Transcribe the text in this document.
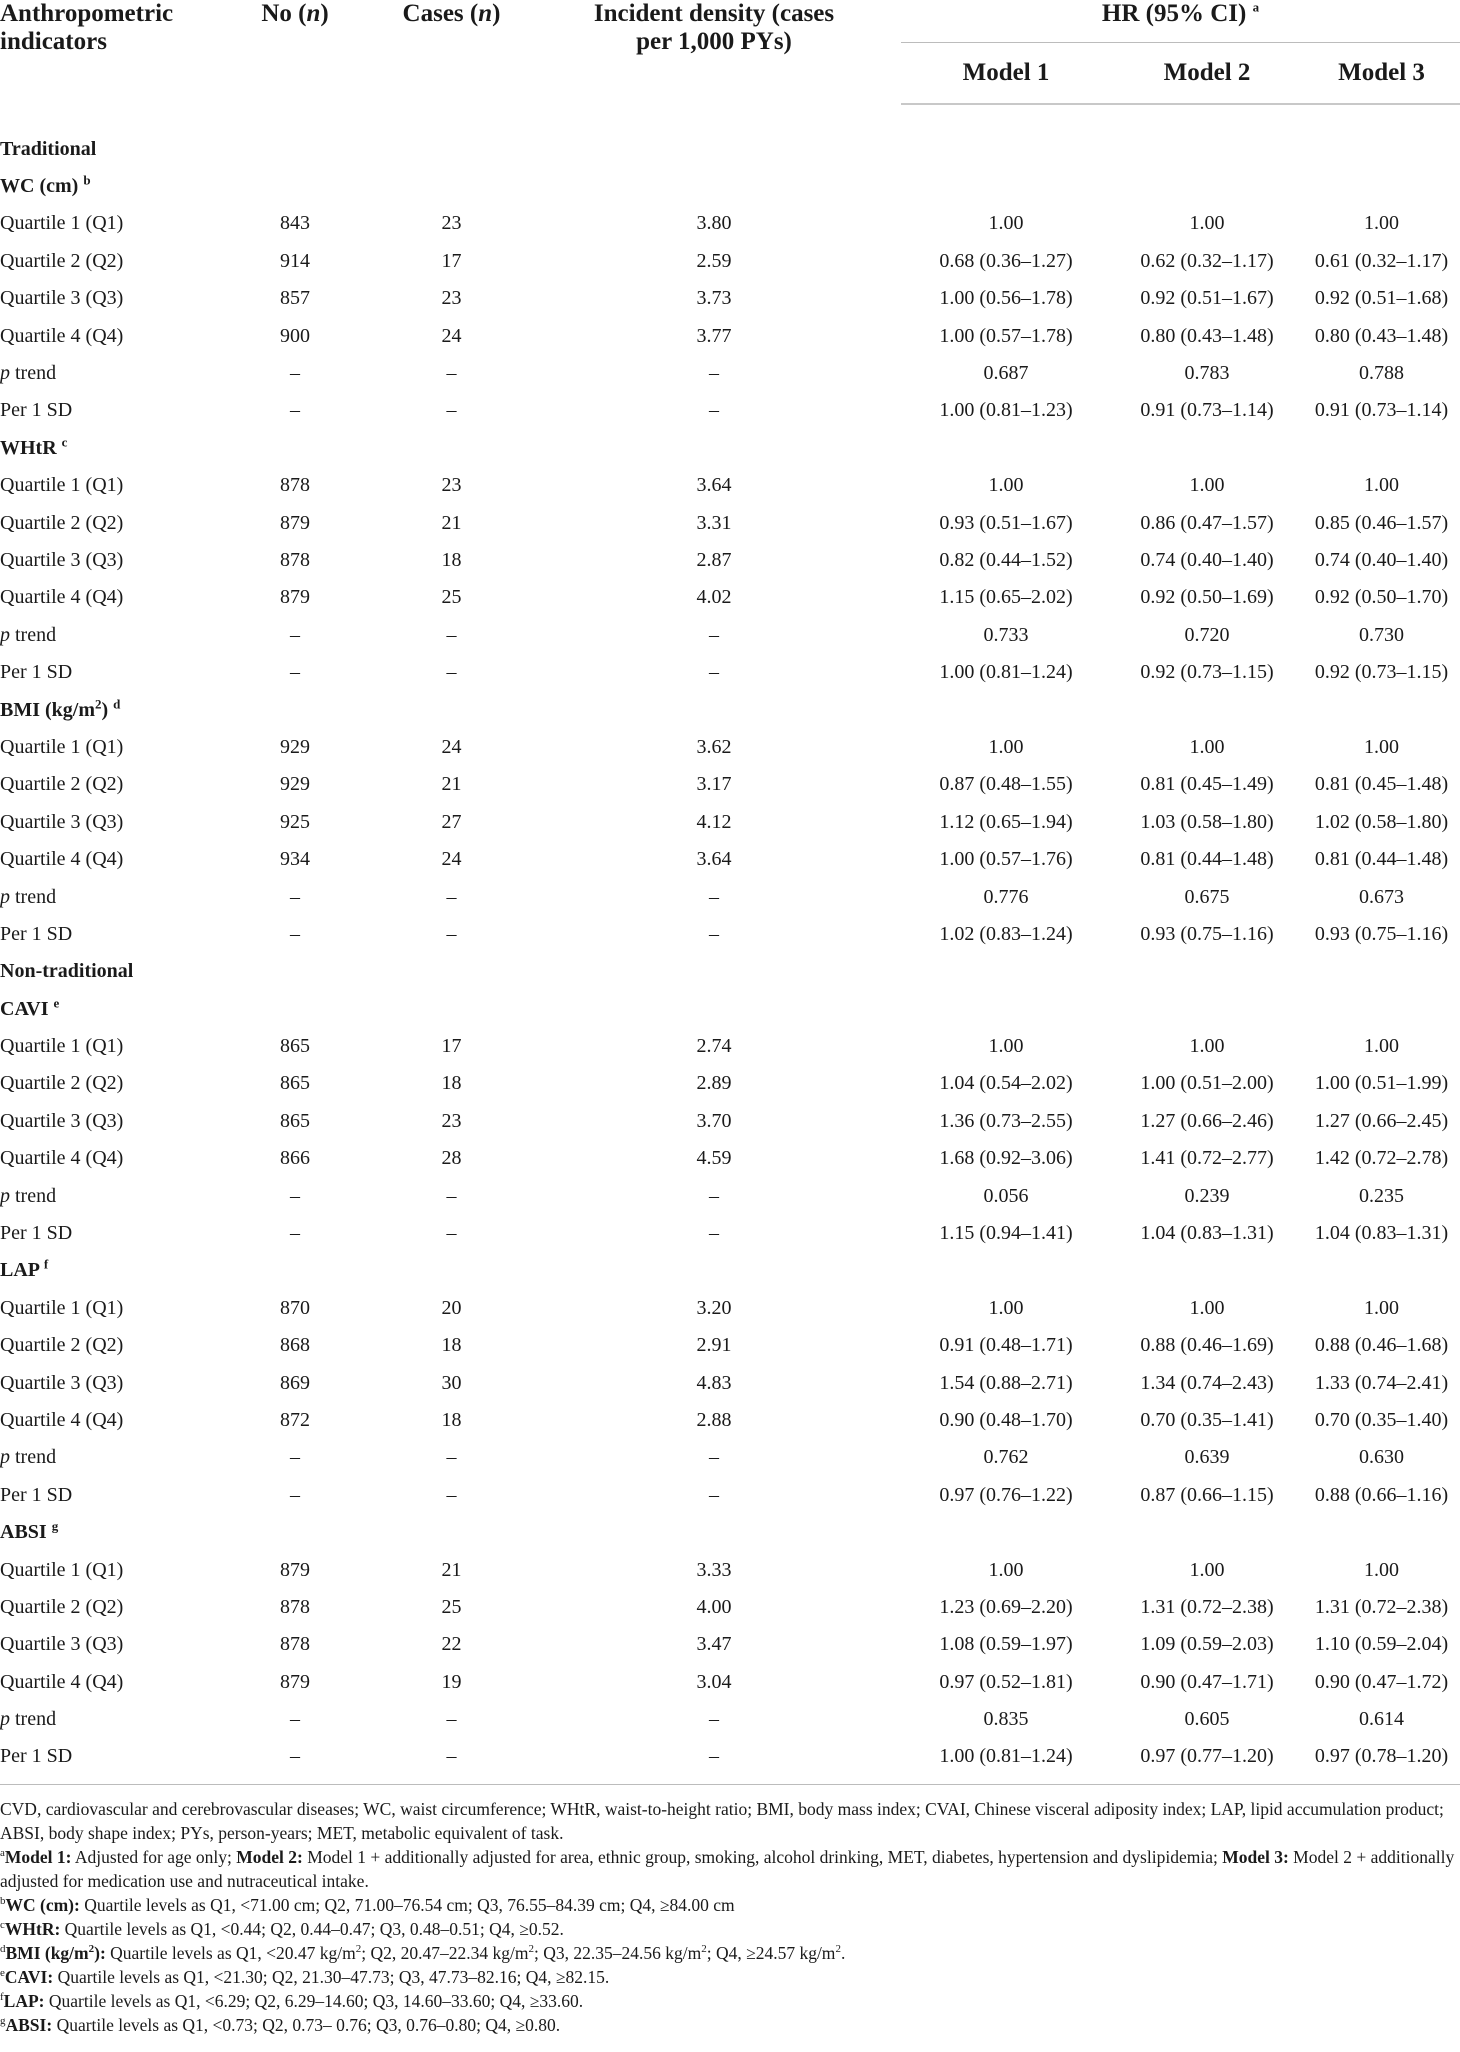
Anthropometric indicators	No (n)	Cases (n)	Incident density (cases per 1,000 PYs)	HR (95% CI) $^a$
				Model 1	Model 2	Model 3

Traditional						
WC (cm) $^b$
Quartile 1 (Q1)	843	23	3.80	1.00	1.00	1.00
Quartile 2 (Q2)	914	17	2.59	0.68 (0.36–1.27)	0.62 (0.32–1.17)	0.61 (0.32–1.17)
Quartile 3 (Q3)	857	23	3.73	1.00 (0.56–1.78)	0.92 (0.51–1.67)	0.92 (0.51–1.68)
Quartile 4 (Q4)	900	24	3.77	1.00 (0.57–1.78)	0.80 (0.43–1.48)	0.80 (0.43–1.48)
p trend	–	–	–	0.687	0.783	0.788
Per 1 SD	–	–	–	1.00 (0.81–1.23)	0.91 (0.73–1.14)	0.91 (0.73–1.14)
WHtR $^c$
Quartile 1 (Q1)	878	23	3.64	1.00	1.00	1.00
Quartile 2 (Q2)	879	21	3.31	0.93 (0.51–1.67)	0.86 (0.47–1.57)	0.85 (0.46–1.57)
Quartile 3 (Q3)	878	18	2.87	0.82 (0.44–1.52)	0.74 (0.40–1.40)	0.74 (0.40–1.40)
Quartile 4 (Q4)	879	25	4.02	1.15 (0.65–2.02)	0.92 (0.50–1.69)	0.92 (0.50–1.70)
p trend	–	–	–	0.733	0.720	0.730
Per 1 SD	–	–	–	1.00 (0.81–1.24)	0.92 (0.73–1.15)	0.92 (0.73–1.15)
BMI $(kg/m^2)$ $^d$
Quartile 1 (Q1)	929	24	3.62	1.00	1.00	1.00
Quartile 2 (Q2)	929	21	3.17	0.87 (0.48–1.55)	0.81 (0.45–1.49)	0.81 (0.45–1.48)
Quartile 3 (Q3)	925	27	4.12	1.12 (0.65–1.94)	1.03 (0.58–1.80)	1.02 (0.58–1.80)
Quartile 4 (Q4)	934	24	3.64	1.00 (0.57–1.76)	0.81 (0.44–1.48)	0.81 (0.44–1.48)
p trend	–	–	–	0.776	0.675	0.673
Per 1 SD	–	–	–	1.02 (0.83–1.24)	0.93 (0.75–1.16)	0.93 (0.75–1.16)
Non-traditional						
CAVI $^e$
Quartile 1 (Q1)	865	17	2.74	1.00	1.00	1.00
Quartile 2 (Q2)	865	18	2.89	1.04 (0.54–2.02)	1.00 (0.51–2.00)	1.00 (0.51–1.99)
Quartile 3 (Q3)	865	23	3.70	1.36 (0.73–2.55)	1.27 (0.66–2.46)	1.27 (0.66–2.45)
Quartile 4 (Q4)	866	28	4.59	1.68 (0.92–3.06)	1.41 (0.72–2.77)	1.42 (0.72–2.78)
p trend	–	–	–	0.056	0.239	0.235
Per 1 SD	–	–	–	1.15 (0.94–1.41)	1.04 (0.83–1.31)	1.04 (0.83–1.31)
LAP $^f$
Quartile 1 (Q1)	870	20	3.20	1.00	1.00	1.00
Quartile 2 (Q2)	868	18	2.91	0.91 (0.48–1.71)	0.88 (0.46–1.69)	0.88 (0.46–1.68)
Quartile 3 (Q3)	869	30	4.83	1.54 (0.88–2.71)	1.34 (0.74–2.43)	1.33 (0.74–2.41)
Quartile 4 (Q4)	872	18	2.88	0.90 (0.48–1.70)	0.70 (0.35–1.41)	0.70 (0.35–1.40)
p trend	–	–	–	0.762	0.639	0.630
Per 1 SD	–	–	–	0.97 (0.76–1.22)	0.87 (0.66–1.15)	0.88 (0.66–1.16)
ABSI $^g$
Quartile 1 (Q1)	879	21	3.33	1.00	1.00	1.00
Quartile 2 (Q2)	878	25	4.00	1.23 (0.69–2.20)	1.31 (0.72–2.38)	1.31 (0.72–2.38)
Quartile 3 (Q3)	878	22	3.47	1.08 (0.59–1.97)	1.09 (0.59–2.03)	1.10 (0.59–2.04)
Quartile 4 (Q4)	879	19	3.04	0.97 (0.52–1.81)	0.90 (0.47–1.71)	0.90 (0.47–1.72)
p trend	–	–	–	0.835	0.605	0.614
Per 1 SD	–	–	–	1.00 (0.81–1.24)	0.97 (0.77–1.20)	0.97 (0.78–1.20)

CVD, cardiovascular and cerebrovascular diseases; WC, waist circumference; WHtR, waist-to-height ratio; BMI, body mass index; CVAI, Chinese visceral adiposity index; LAP, lipid accumulation product; ABSI, body shape index; PYs, person-years; MET, metabolic equivalent of task.

$^a$Model 1: Adjusted for age only; Model 2: Model 1 + additionally adjusted for area, ethnic group, smoking, alcohol drinking, MET, diabetes, hypertension and dyslipidemia; Model 3: Model 2 + additionally adjusted for medication use and nutraceutical intake.

$^b$WC (cm): Quartile levels as Q1, <71.00 cm; Q2, 71.00–76.54 cm; Q3, 76.55–84.39 cm; Q4, ≥84.00 cm

$^c$WHtR: Quartile levels as Q1, <0.44; Q2, 0.44–0.47; Q3, 0.48–0.51; Q4, ≥0.52.

$^d$BMI $(kg/m^2)$: Quartile levels as Q1, <20.47 $kg/m^2$; Q2, 20.47–22.34 $kg/m^2$; Q3, 22.35–24.56 $kg/m^2$; Q4, ≥24.57 $kg/m^2$.

$^e$CAVI: Quartile levels as Q1, <21.30; Q2, 21.30–47.73; Q3, 47.73–82.16; Q4, ≥82.15.

$^f$LAP: Quartile levels as Q1, <6.29; Q2, 6.29–14.60; Q3, 14.60–33.60; Q4, ≥33.60.

$^g$ABSI: Quartile levels as Q1, <0.73; Q2, 0.73– 0.76; Q3, 0.76–0.80; Q4, ≥0.80.
